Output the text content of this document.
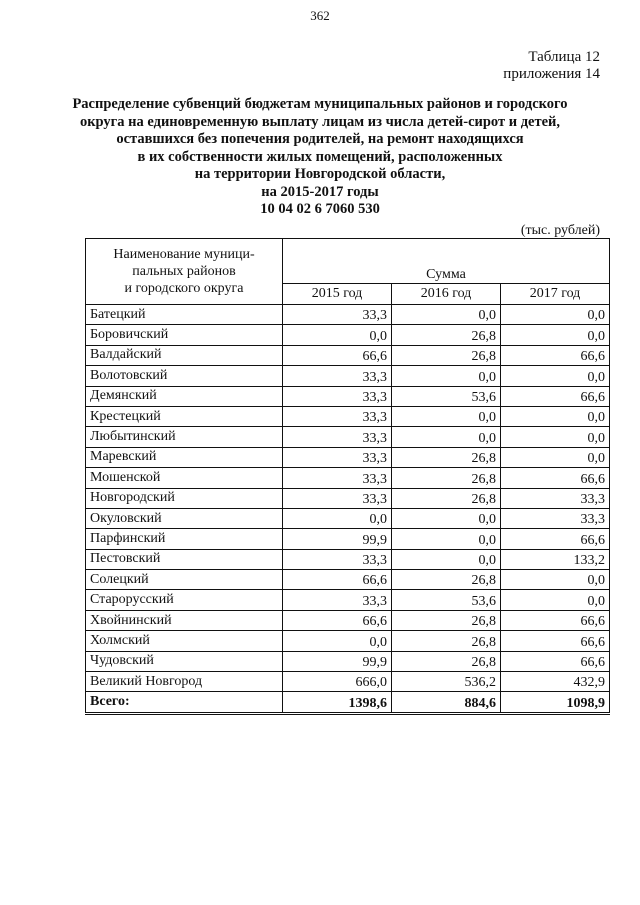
362
Таблица 12
приложения 14
Распределение субвенций бюджетам муниципальных районов и городского
округа на единовременную выплату лицам из числа детей-сирот и детей,
оставшихся без попечения родителей, на ремонт находящихся
в их собственности жилых помещений, расположенных
на территории Новгородской области,
на 2015-2017 годы
10 04 02 6 7060 530
(тыс. рублей)
Наименование муници-
пальных районов
и городского округа	Сумма		
	2015 год	2016 год	2017 год
Батецкий	33,3	0,0	0,0
Боровичский	0,0	26,8	0,0
Валдайский	66,6	26,8	66,6
Волотовский	33,3	0,0	0,0
Демянский	33,3	53,6	66,6
Крестецкий	33,3	0,0	0,0
Любытинский	33,3	0,0	0,0
Маревский	33,3	26,8	0,0
Мошенской	33,3	26,8	66,6
Новгородский	33,3	26,8	33,3
Окуловский	0,0	0,0	33,3
Парфинский	99,9	0,0	66,6
Пестовский	33,3	0,0	133,2
Солецкий	66,6	26,8	0,0
Старорусский	33,3	53,6	0,0
Хвойнинский	66,6	26,8	66,6
Холмский	0,0	26,8	66,6
Чудовский	99,9	26,8	66,6
Великий Новгород	666,0	536,2	432,9
Всего:	1398,6	884,6	1098,9
